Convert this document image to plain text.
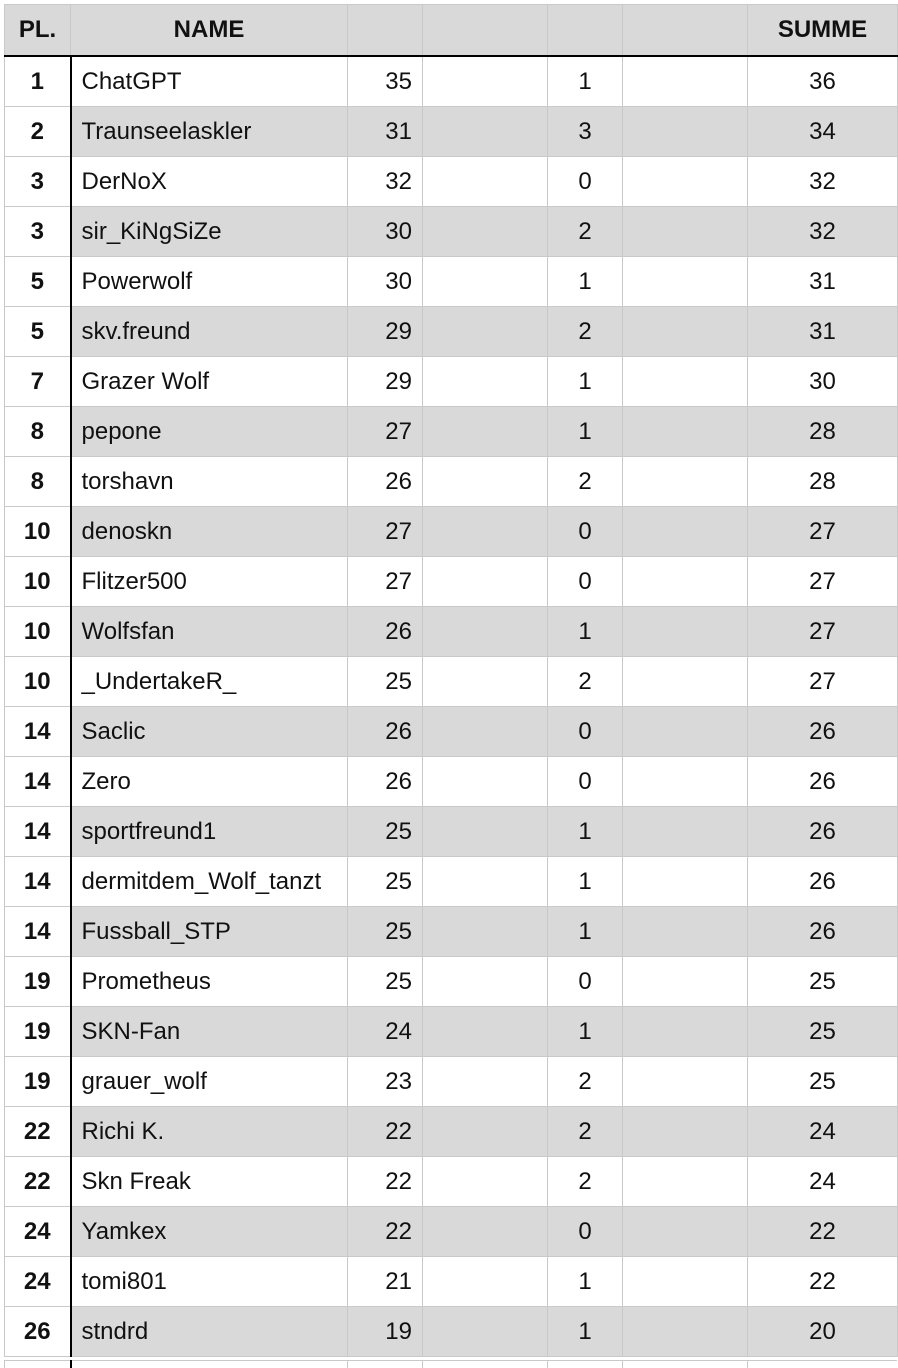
PL.	NAME					SUMME
1	ChatGPT	35		1		36
2	Traunseelaskler	31		3		34
3	DerNoX	32		0		32
3	sir_KiNgSiZe	30		2		32
5	Powerwolf	30		1		31
5	skv.freund	29		2		31
7	Grazer Wolf	29		1		30
8	pepone	27		1		28
8	torshavn	26		2		28
10	denoskn	27		0		27
10	Flitzer500	27		0		27
10	Wolfsfan	26		1		27
10	_UndertakeR_	25		2		27
14	Saclic	26		0		26
14	Zero	26		0		26
14	sportfreund1	25		1		26
14	dermitdem_Wolf_tanzt	25		1		26
14	Fussball_STP	25		1		26
19	Prometheus	25		0		25
19	SKN-Fan	24		1		25
19	grauer_wolf	23		2		25
22	Richi K.	22		2		24
22	Skn Freak	22		2		24
24	Yamkex	22		0		22
24	tomi801	21		1		22
26	stndrd	19		1		20
